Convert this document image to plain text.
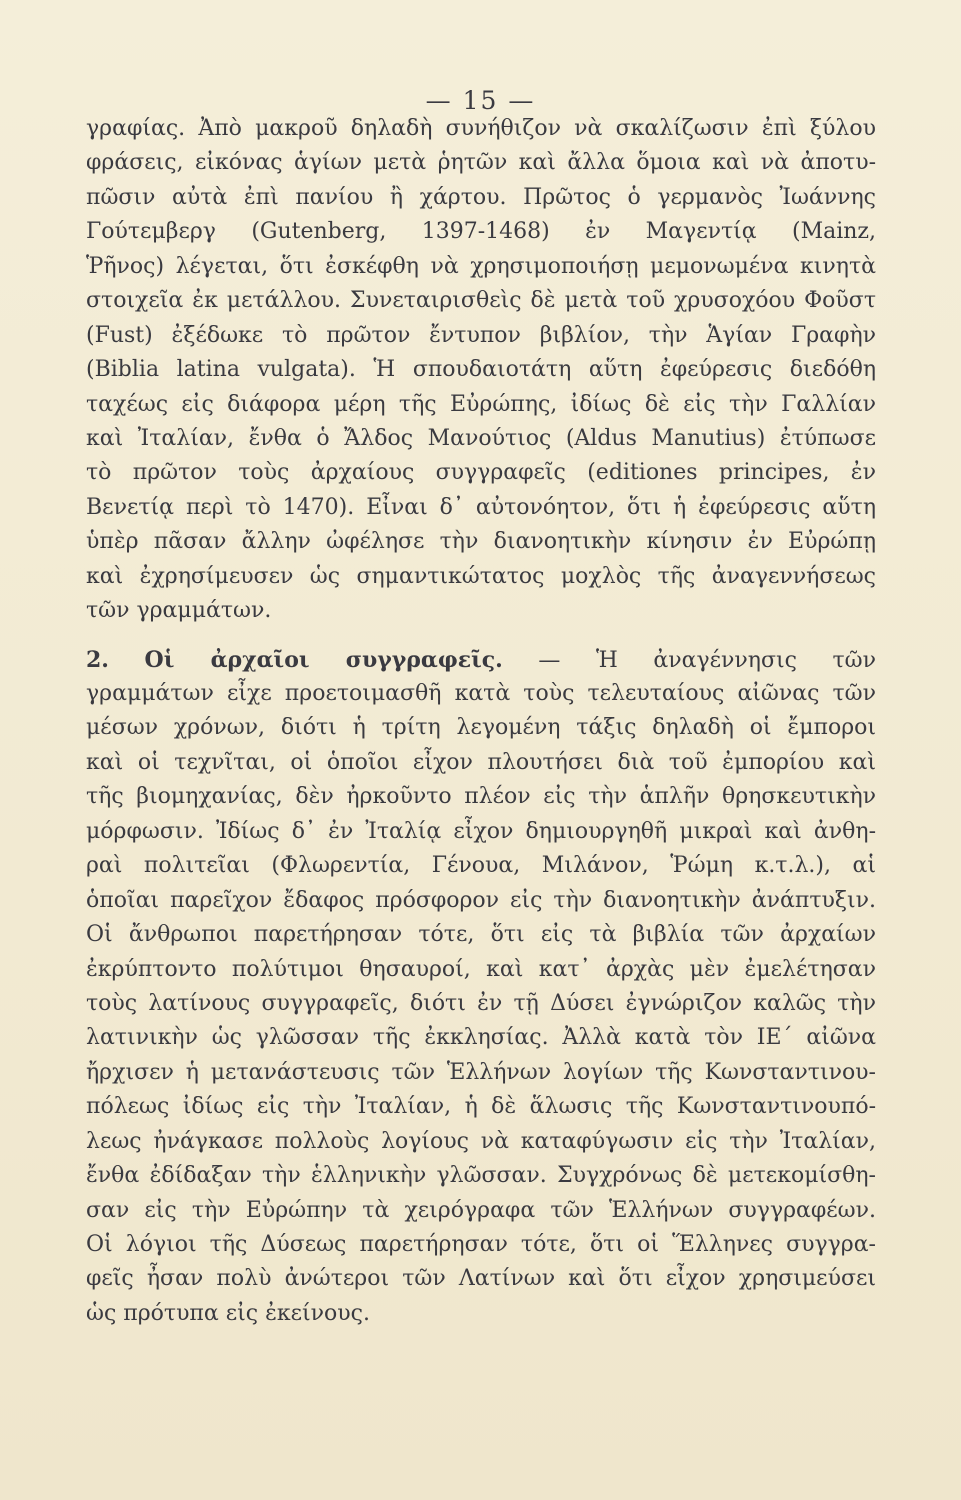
— 15 —
γραφίας. Ἀπὸ μακροῦ δηλαδὴ συνήθιζον νὰ σκαλίζωσιν ἐπὶ ξύλου
φράσεις, εἰκόνας ἁγίων μετὰ ῥητῶν καὶ ἄλλα ὅμοια καὶ νὰ ἀποτυ-
πῶσιν αὐτὰ ἐπὶ πανίου ἢ χάρτου. Πρῶτος ὁ γερμανὸς Ἰωάννης
Γούτεμβεργ (Gutenberg, 1397-1468) ἐν Μαγεντίᾳ (Mainz,
Ῥῆνος) λέγεται, ὅτι ἐσκέφθη νὰ χρησιμοποιήσῃ μεμονωμένα κινητὰ
στοιχεῖα ἐκ μετάλλου. Συνεταιρισθεὶς δὲ μετὰ τοῦ χρυσοχόου Φοῦστ
(Fust) ἐξέδωκε τὸ πρῶτον ἔντυπον βιβλίον, τὴν Ἁγίαν Γραφὴν
(Biblia latina vulgata). Ἡ σπουδαιοτάτη αὕτη ἐφεύρεσις διεδόθη
ταχέως εἰς διάφορα μέρη τῆς Εὐρώπης, ἰδίως δὲ εἰς τὴν Γαλλίαν
καὶ Ἰταλίαν, ἔνθα ὁ Ἄλδος Μανούτιος (Aldus Manutius) ἐτύπωσε
τὸ πρῶτον τοὺς ἀρχαίους συγγραφεῖς (editiones principes, ἐν
Βενετίᾳ περὶ τὸ 1470). Εἶναι δ᾽ αὐτονόητον, ὅτι ἡ ἐφεύρεσις αὕτη
ὑπὲρ πᾶσαν ἄλλην ὠφέλησε τὴν διανοητικὴν κίνησιν ἐν Εὐρώπῃ
καὶ ἐχρησίμευσεν ὡς σημαντικώτατος μοχλὸς τῆς ἀναγεννήσεως
τῶν γραμμάτων.
2. Οἱ ἀρχαῖοι συγγραφεῖς. — Ἡ ἀναγέννησις τῶν
γραμμάτων εἶχε προετοιμασθῆ κατὰ τοὺς τελευταίους αἰῶνας τῶν
μέσων χρόνων, διότι ἡ τρίτη λεγομένη τάξις δηλαδὴ οἱ ἔμποροι
καὶ οἱ τεχνῖται, οἱ ὁποῖοι εἶχον πλουτήσει διὰ τοῦ ἐμπορίου καὶ
τῆς βιομηχανίας, δὲν ἠρκοῦντο πλέον εἰς τὴν ἁπλῆν θρησκευτικὴν
μόρφωσιν. Ἰδίως δ᾽ ἐν Ἰταλίᾳ εἶχον δημιουργηθῆ μικραὶ καὶ ἀνθη-
ραὶ πολιτεῖαι (Φλωρεντία, Γένουα, Μιλάνον, Ῥώμη κ.τ.λ.), αἱ
ὁποῖαι παρεῖχον ἔδαφος πρόσφορον εἰς τὴν διανοητικὴν ἀνάπτυξιν.
Οἱ ἄνθρωποι παρετήρησαν τότε, ὅτι εἰς τὰ βιβλία τῶν ἀρχαίων
ἐκρύπτοντο πολύτιμοι θησαυροί, καὶ κατ᾽ ἀρχὰς μὲν ἐμελέτησαν
τοὺς λατίνους συγγραφεῖς, διότι ἐν τῇ Δύσει ἐγνώριζον καλῶς τὴν
λατινικὴν ὡς γλῶσσαν τῆς ἐκκλησίας. Ἀλλὰ κατὰ τὸν ΙΕ΄ αἰῶνα
ἤρχισεν ἡ μετανάστευσις τῶν Ἑλλήνων λογίων τῆς Κωνσταντινου-
πόλεως ἰδίως εἰς τὴν Ἰταλίαν, ἡ δὲ ἅλωσις τῆς Κωνσταντινουπό-
λεως ἠνάγκασε πολλοὺς λογίους νὰ καταφύγωσιν εἰς τὴν Ἰταλίαν,
ἔνθα ἐδίδαξαν τὴν ἑλληνικὴν γλῶσσαν. Συγχρόνως δὲ μετεκομίσθη-
σαν εἰς τὴν Εὐρώπην τὰ χειρόγραφα τῶν Ἑλλήνων συγγραφέων.
Οἱ λόγιοι τῆς Δύσεως παρετήρησαν τότε, ὅτι οἱ Ἕλληνες συγγρα-
φεῖς ἦσαν πολὺ ἀνώτεροι τῶν Λατίνων καὶ ὅτι εἶχον χρησιμεύσει
ὡς πρότυπα εἰς ἐκείνους.
